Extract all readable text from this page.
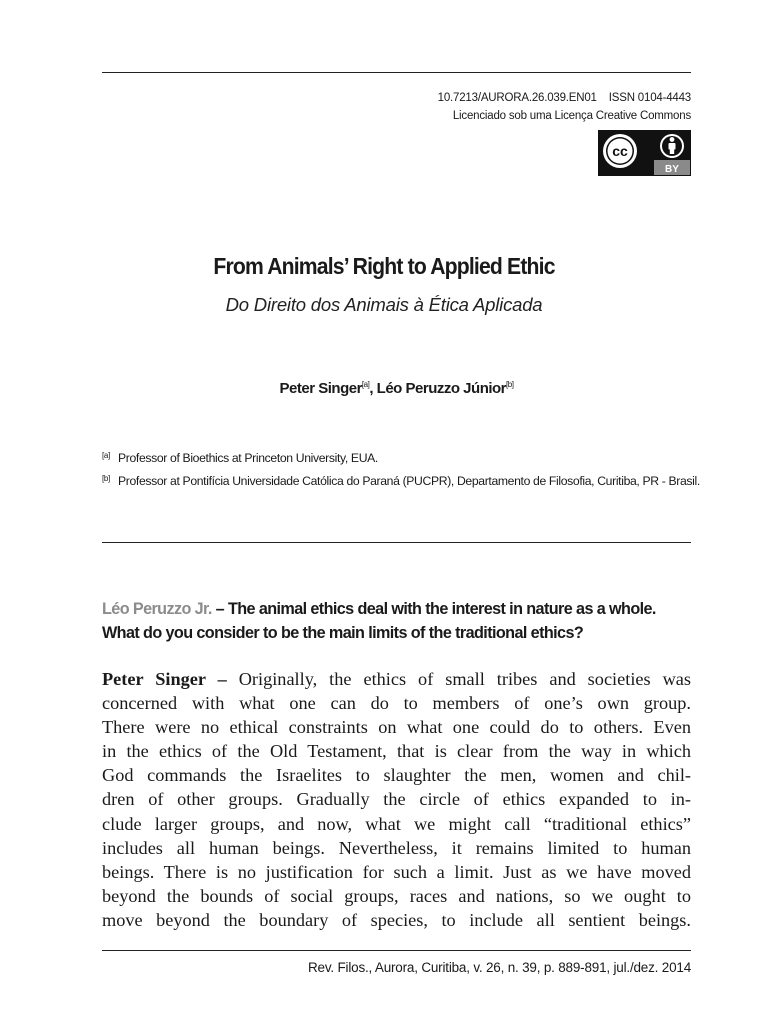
10.7213/AURORA.26.039.EN01 ISSN 0104-4443
Licenciado sob uma Licença Creative Commons
cc
BY
From Animals’ Right to Applied Ethic
Do Direito dos Animais à Ética Aplicada
Peter Singer[a], Léo Peruzzo Júnior[b]
[a] Professor of Bioethics at Princeton University, EUA.
[b] Professor at Pontifícia Universidade Católica do Paraná (PUCPR), Departamento de Filosofia, Curitiba, PR - Brasil.
Léo Peruzzo Jr. – The animal ethics deal with the interest in nature as a whole.
What do you consider to be the main limits of the traditional ethics?
Peter Singer – Originally, the ethics of small tribes and societies was
concerned with what one can do to members of one’s own group.
There were no ethical constraints on what one could do to others. Even
in the ethics of the Old Testament, that is clear from the way in which
God commands the Israelites to slaughter the men, women and chil-
dren of other groups. Gradually the circle of ethics expanded to in-
clude larger groups, and now, what we might call “traditional ethics”
includes all human beings. Nevertheless, it remains limited to human
beings. There is no justification for such a limit. Just as we have moved
beyond the bounds of social groups, races and nations, so we ought to
move beyond the boundary of species, to include all sentient beings.
Rev. Filos., Aurora, Curitiba, v. 26, n. 39, p. 889-891, jul./dez. 2014
